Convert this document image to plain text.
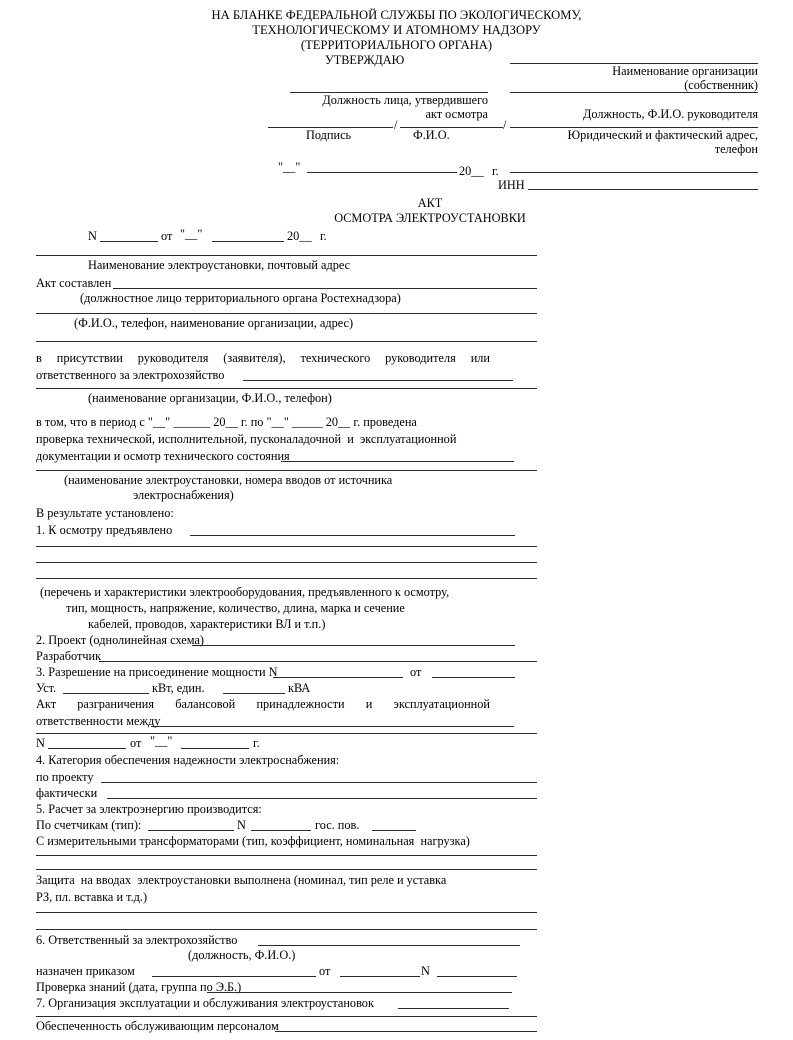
НА БЛАНКЕ ФЕДЕРАЛЬНОЙ СЛУЖБЫ ПО ЭКОЛОГИЧЕСКОМУ,
ТЕХНОЛОГИЧЕСКОМУ И АТОМНОМУ НАДЗОРУ
(ТЕРРИТОРИАЛЬНОГО ОРГАНА)
УТВЕРЖДАЮ
Наименование организации
(собственник)
Должность лица, утвердившего
акт осмотра	Должность, Ф.И.О. руководителя
/	/
Подпись	Ф.И.О.	Юридический и фактический адрес,
телефон
"__"	20__ г.
ИНН
АКТ
ОСМОТРА ЭЛЕКТРОУСТАНОВКИ
N	от "__"	20__ г.
Наименование электроустановки, почтовый адрес
Акт составлен
(должностное лицо территориального органа Ростехнадзора)
(Ф.И.О., телефон, наименование организации, адрес)
в присутствии руководителя (заявителя), технического руководителя или
ответственного за электрохозяйство
(наименование организации, Ф.И.О., телефон)
в том, что в период с "__" ______ 20__ г. по "__" _____ 20__ г. проведена
проверка технической, исполнительной, пусконаладочной  и  эксплуатационной
документации и осмотр технического состояния
(наименование электроустановки, номера вводов от источника
электроснабжения)
В результате установлено:
1. К осмотру предъявлено
(перечень и характеристики электрооборудования, предъявленного к осмотру,
тип, мощность, напряжение, количество, длина, марка и сечение
кабелей, проводов, характеристики ВЛ и т.п.)
2. Проект (однолинейная схема)
Разработчик
3. Разрешение на присоединение мощности N	от
Уст.	кВт, един.	кВА
Акт разграничения балансовой принадлежности и эксплуатационной
ответственности между
N	от "__"	г.
4. Категория обеспечения надежности электроснабжения:
по проекту
фактически
5. Расчет за электроэнергию производится:
По счетчикам (тип):	N	гос. пов.
С измерительными трансформаторами (тип, коэффициент, номинальная  нагрузка)
Защита  на вводах  электроустановки выполнена (номинал, тип реле и уставка
РЗ, пл. вставка и т.д.)
6. Ответственный за электрохозяйство
(должность, Ф.И.О.)
назначен приказом	от	N
Проверка знаний (дата, группа по Э.Б.)
7. Организация эксплуатации и обслуживания электроустановок
Обеспеченность обслуживающим персоналом
